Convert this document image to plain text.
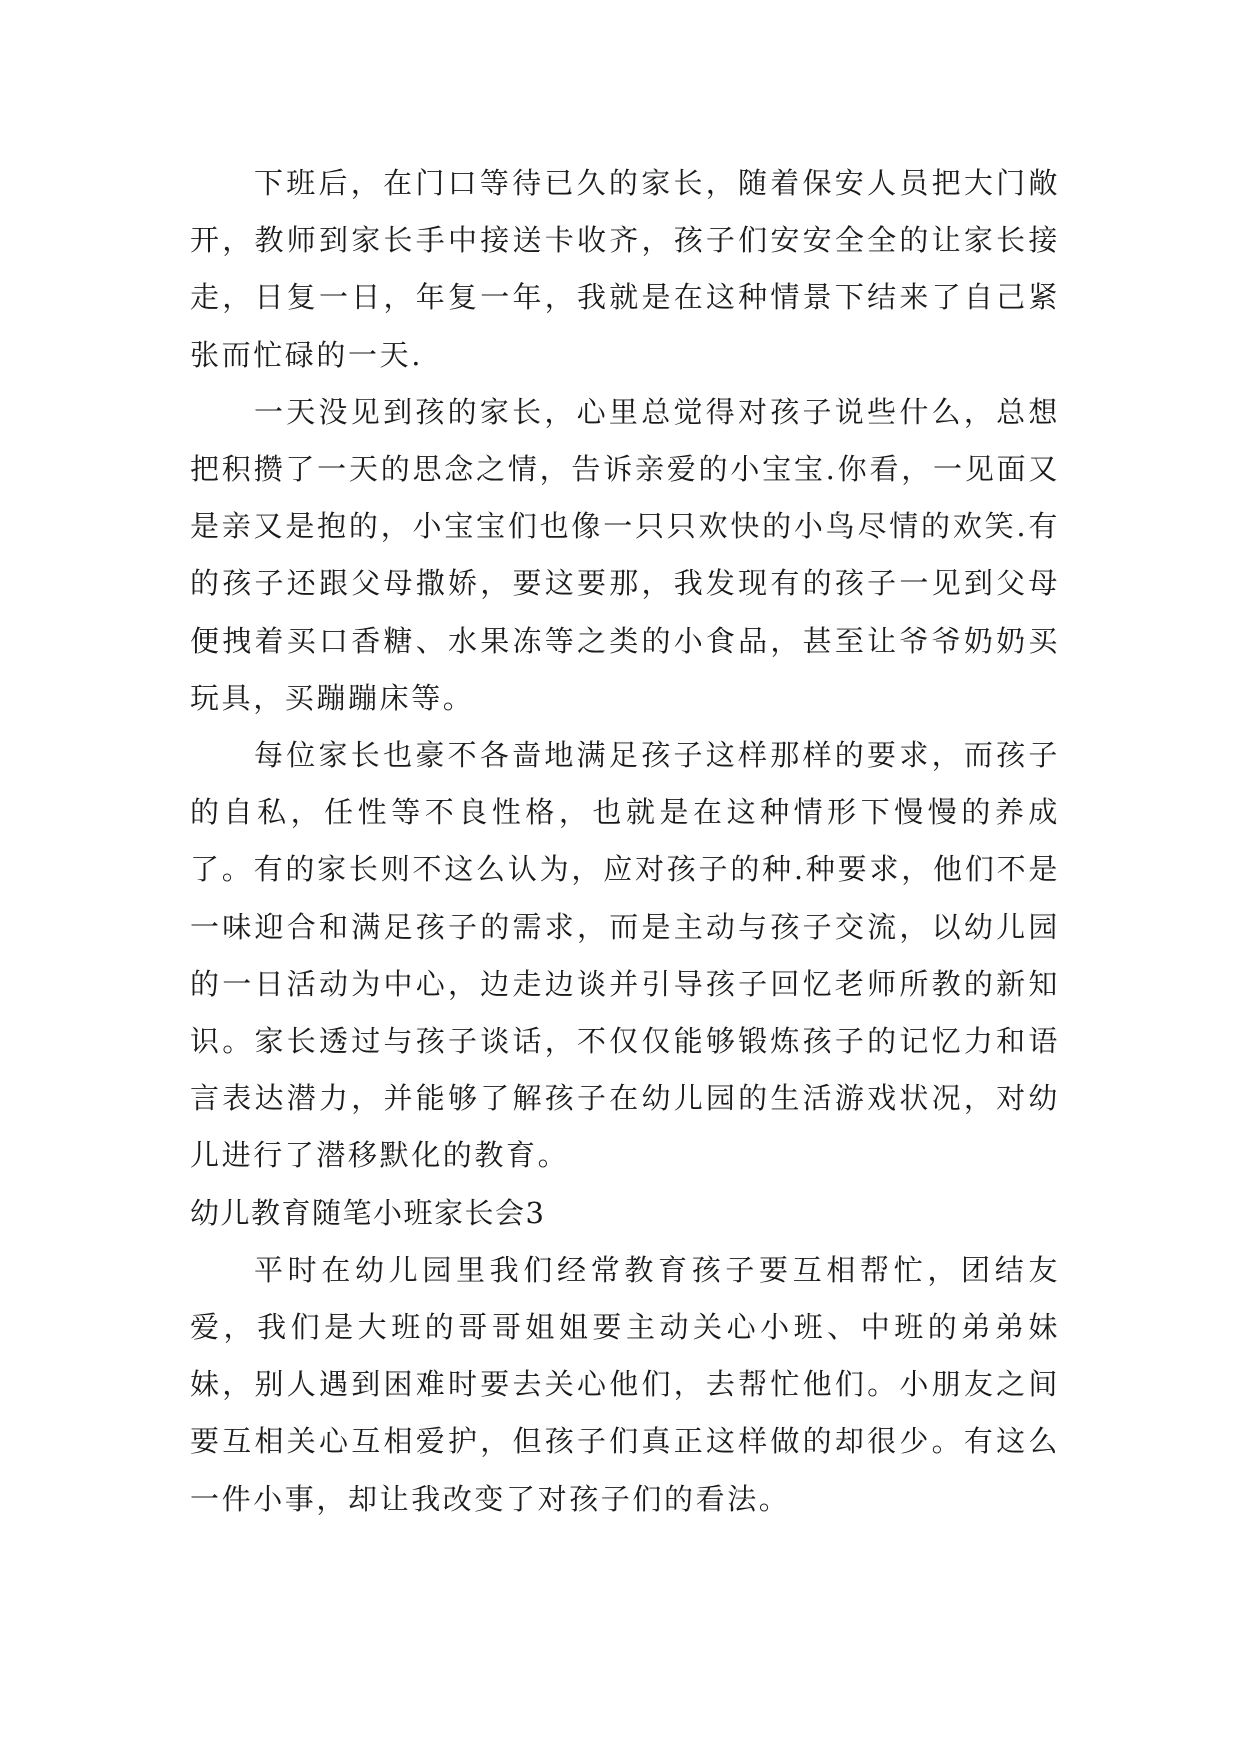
下班后，在门口等待已久的家长，随着保安人员把大门敞开，教师到家长手中接送卡收齐，孩子们安安全全的让家长接走，日复一日，年复一年，我就是在这种情景下结来了自己紧张而忙碌的一天.

一天没见到孩的家长，心里总觉得对孩子说些什么，总想把积攒了一天的思念之情，告诉亲爱的小宝宝.你看，一见面又是亲又是抱的，小宝宝们也像一只只欢快的小鸟尽情的欢笑.有的孩子还跟父母撒娇，要这要那，我发现有的孩子一见到父母便拽着买口香糖、水果冻等之类的小食品，甚至让爷爷奶奶买玩具，买蹦蹦床等。

每位家长也豪不各啬地满足孩子这样那样的要求，而孩子的自私，任性等不良性格，也就是在这种情形下慢慢的养成了。有的家长则不这么认为，应对孩子的种.种要求，他们不是一味迎合和满足孩子的需求，而是主动与孩子交流，以幼儿园的一日活动为中心，边走边谈并引导孩子回忆老师所教的新知识。家长透过与孩子谈话，不仅仅能够锻炼孩子的记忆力和语言表达潜力，并能够了解孩子在幼儿园的生活游戏状况，对幼儿进行了潜移默化的教育。

幼儿教育随笔小班家长会3

平时在幼儿园里我们经常教育孩子要互相帮忙，团结友爱，我们是大班的哥哥姐姐要主动关心小班、中班的弟弟妹妹，别人遇到困难时要去关心他们，去帮忙他们。小朋友之间要互相关心互相爱护，但孩子们真正这样做的却很少。有这么一件小事，却让我改变了对孩子们的看法。
